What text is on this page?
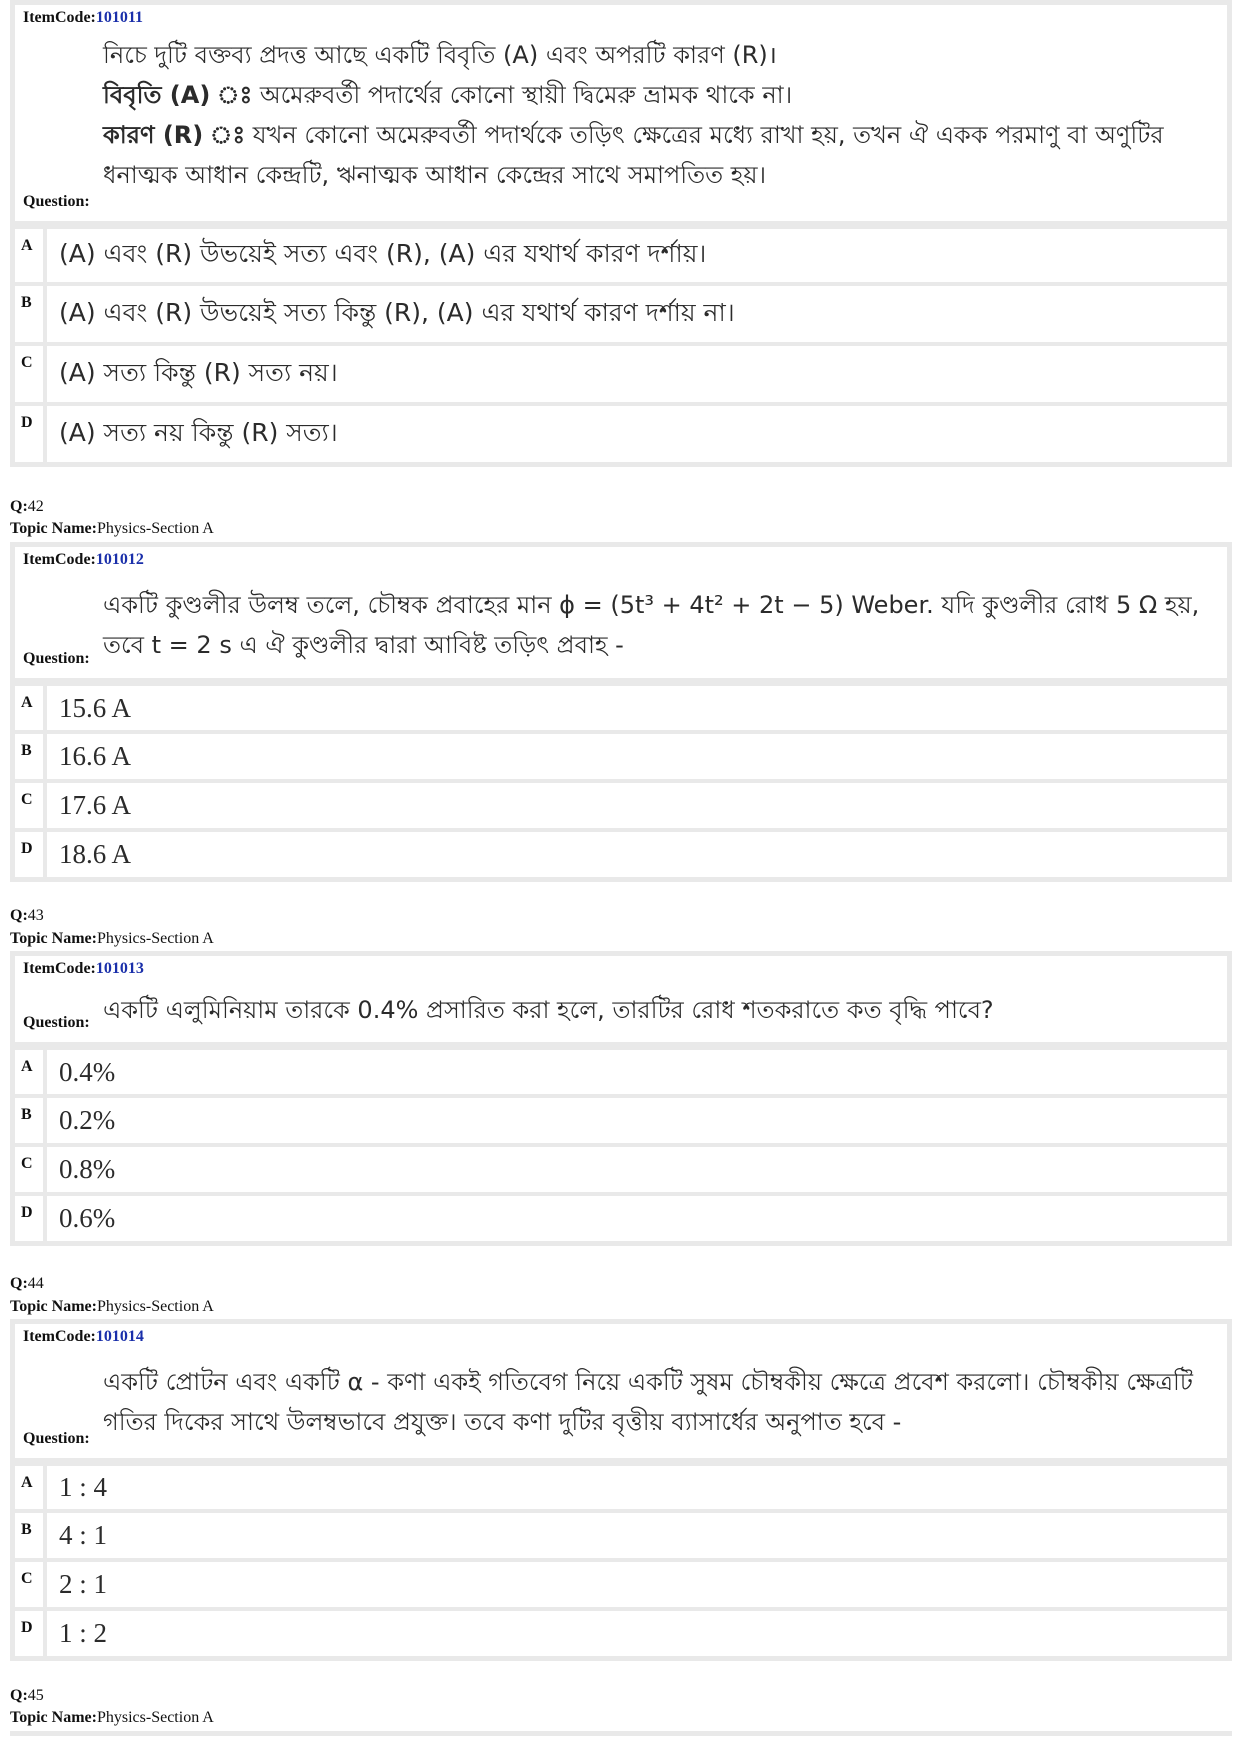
ItemCode:101011

নিচে দুটি বক্তব্য প্রদত্ত আছে একটি বিবৃতি (A) এবং অপরটি কারণ (R)।

বিবৃতি (A) ঃ অমেরুবর্তী পদার্থের কোনো স্থায়ী দ্বিমেরু ভ্রামক থাকে না।

কারণ (R) ঃ যখন কোনো অমেরুবর্তী পদার্থকে তড়িৎ ক্ষেত্রের মধ্যে রাখা হয়, তখন ঐ একক পরমাণু বা অণুটির ধনাত্মক আধান কেন্দ্রটি, ঋনাত্মক আধান কেন্দ্রের সাথে সমাপতিত হয়।

Question:
A	(A) এবং (R) উভয়েই সত্য এবং (R), (A) এর যথার্থ কারণ দর্শায়।
B	(A) এবং (R) উভয়েই সত্য কিন্তু (R), (A) এর যথার্থ কারণ দর্শায় না।
C	(A) সত্য কিন্তু (R) সত্য নয়।
D	(A) সত্য নয় কিন্তু (R) সত্য।
Q:42
Topic Name:Physics-Section A
ItemCode:101012
একটি কুণ্ডলীর উলম্ব তলে, চৌম্বক প্রবাহের মান ϕ = (5t³ + 4t² + 2t − 5) Weber. যদি কুণ্ডলীর রোধ 5 Ω হয়, তবে t = 2 s এ ঐ কুণ্ডলীর দ্বারা আবিষ্ট তড়িৎ প্রবাহ -
Question:
A 15.6 A
B	16.6 A
C 17.6 A
D 18.6 A
Q:43
Topic Name:Physics-Section A
ItemCode:101013
একটি এলুমিনিয়াম তারকে 0.4% প্রসারিত করা হলে, তারটির রোধ শতকরাতে কত বৃদ্ধি পাবে?
Question:
A 0.4%
B	0.2%
C 0.8%
D 0.6%
Q:44
Topic Name:Physics-Section A
ItemCode:101014
একটি প্রোটন এবং একটি α - কণা একই গতিবেগ নিয়ে একটি সুষম চৌম্বকীয় ক্ষেত্রে প্রবেশ করলো। চৌম্বকীয় ক্ষেত্রটি গতির দিকের সাথে উলম্বভাবে প্রযুক্ত। তবে কণা দুটির বৃত্তীয় ব্যাসার্ধের অনুপাত হবে -
Question:
A 1 : 4
B	4 : 1
C 2 : 1
D 1 : 2
Q:45
Topic Name:Physics-Section A
